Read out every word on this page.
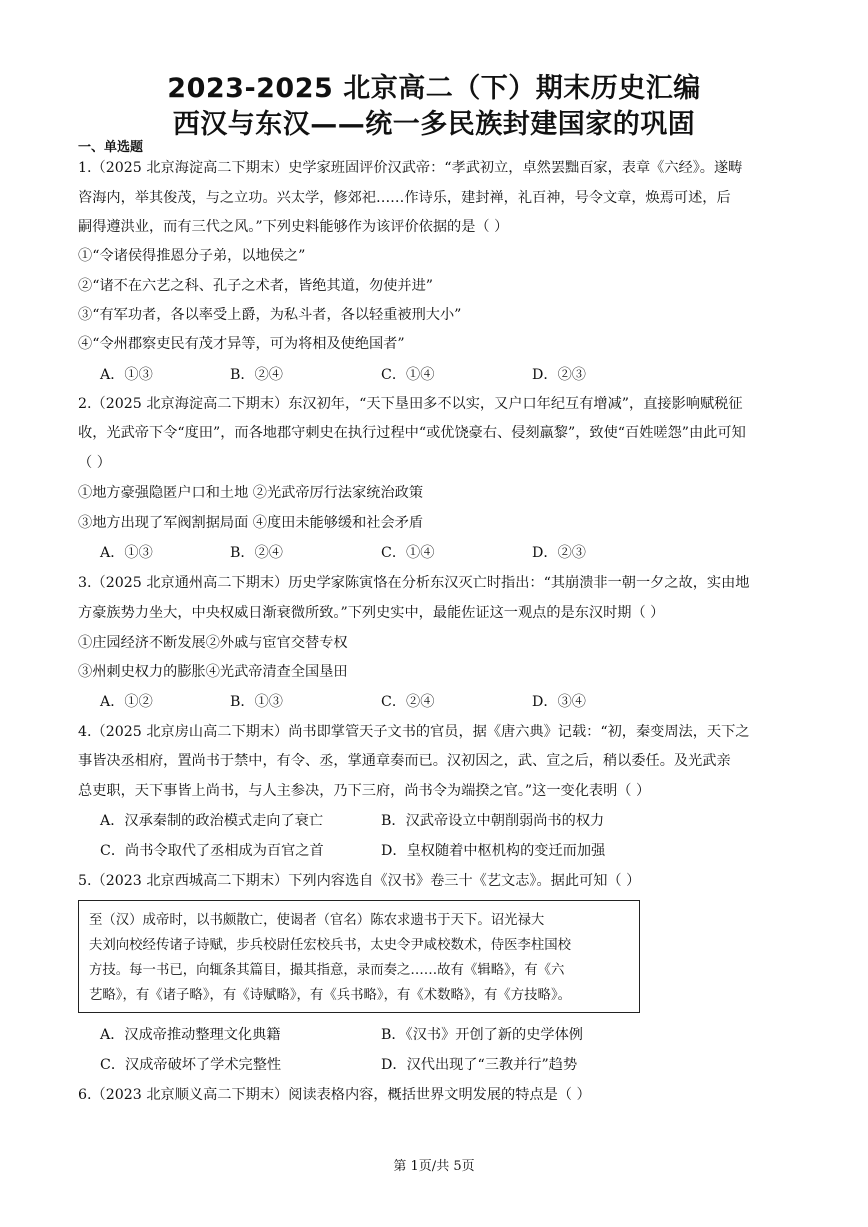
2023-2025 北京高二（下）期末历史汇编
西汉与东汉——统一多民族封建国家的巩固
一、单选题
1.（2025 北京海淀高二下期末）史学家班固评价汉武帝：“孝武初立，卓然罢黜百家，表章《六经》。遂畴
咨海内，举其俊茂，与之立功。兴太学，修郊祀……作诗乐，建封禅，礼百神，号令文章，焕焉可述，后
嗣得遵洪业，而有三代之风。”下列史料能够作为该评价依据的是（ ）
①“令诸侯得推恩分子弟，以地侯之”
②“诸不在六艺之科、孔子之术者，皆绝其道，勿使并进”
③“有军功者，各以率受上爵，为私斗者，各以轻重被刑大小”
④“令州郡察吏民有茂才异等，可为将相及使绝国者”
A．①③	B．②④	C．①④	D．②③
2.（2025 北京海淀高二下期末）东汉初年，“天下垦田多不以实，又户口年纪互有增减”，直接影响赋税征
收，光武帝下令“度田”，而各地郡守刺史在执行过程中“或优饶豪右、侵刻羸黎”，致使“百姓嗟怨”由此可知
（ ）
①地方豪强隐匿户口和土地 ②光武帝厉行法家统治政策
③地方出现了军阀割据局面 ④度田未能够缓和社会矛盾
A．①③	B．②④	C．①④	D．②③
3.（2025 北京通州高二下期末）历史学家陈寅恪在分析东汉灭亡时指出：“其崩溃非一朝一夕之故，实由地
方豪族势力坐大，中央权威日渐衰微所致。”下列史实中，最能佐证这一观点的是东汉时期（ ）
①庄园经济不断发展②外戚与宦官交替专权
③州刺史权力的膨胀④光武帝清查全国垦田
A．①②	B．①③	C．②④	D．③④
4.（2025 北京房山高二下期末）尚书即掌管天子文书的官员，据《唐六典》记载：“初，秦变周法，天下之
事皆决丞相府，置尚书于禁中，有令、丞，掌通章奏而已。汉初因之，武、宣之后，稍以委任。及光武亲
总吏职，天下事皆上尚书，与人主参决，乃下三府，尚书令为端揆之官。”这一变化表明（ ）
A．汉承秦制的政治模式走向了衰亡	B．汉武帝设立中朝削弱尚书的权力
C．尚书令取代了丞相成为百官之首	D．皇权随着中枢机构的变迁而加强
5.（2023 北京西城高二下期末）下列内容选自《汉书》卷三十《艺文志》。据此可知（ ）
至（汉）成帝时，以书颇散亡，使谒者（官名）陈农求遗书于天下。诏光禄大
夫刘向校经传诸子诗赋，步兵校尉任宏校兵书，太史令尹咸校数术，侍医李柱国校
方技。每一书已，向辄条其篇目，撮其指意，录而奏之……故有《辑略》，有《六
艺略》，有《诸子略》，有《诗赋略》，有《兵书略》，有《术数略》，有《方技略》。
A．汉成帝推动整理文化典籍	B．《汉书》开创了新的史学体例
C．汉成帝破坏了学术完整性	D．汉代出现了“三教并行”趋势
6.（2023 北京顺义高二下期末）阅读表格内容，概括世界文明发展的特点是（ ）
第 1页/共 5页
